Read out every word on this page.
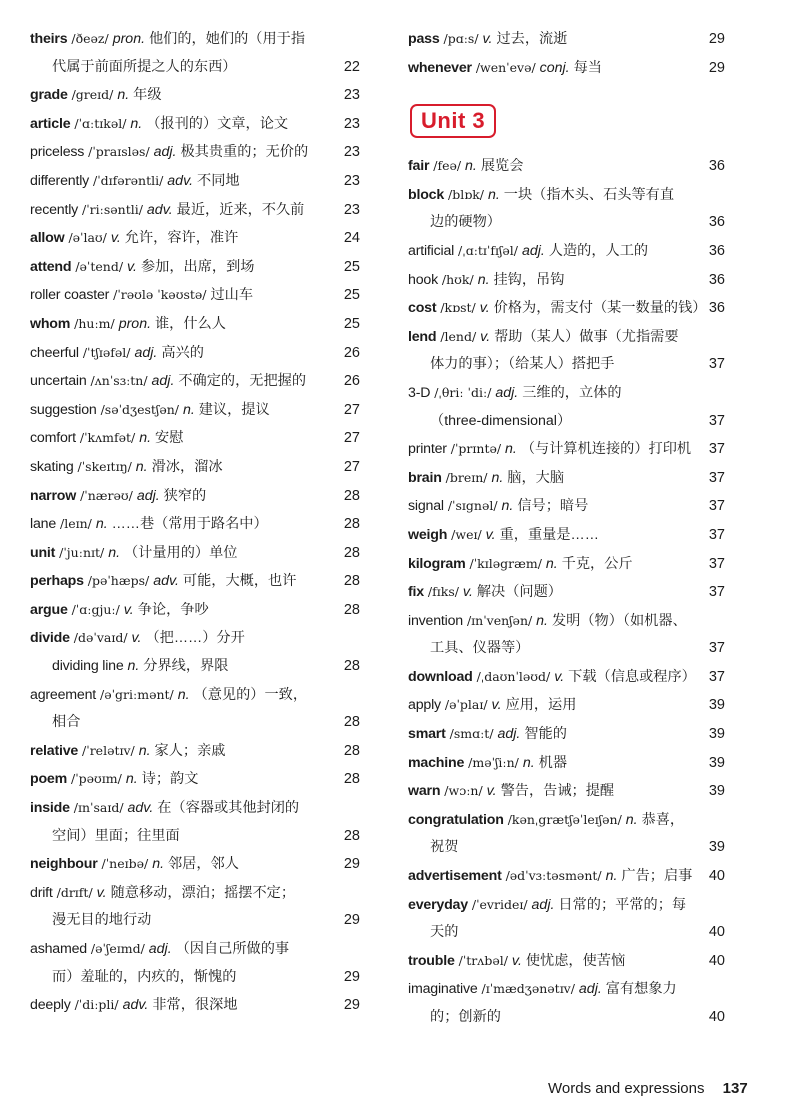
theirs /ðeəz/ pron. 他们的，她们的（用于指
代属于前面所提之人的东西）	22
grade /greɪd/ n. 年级	23
article /ˈɑːtɪkəl/ n. （报刊的）文章，论文	23
priceless /ˈpraɪsləs/ adj. 极其贵重的；无价的	23
differently /ˈdɪfərəntli/ adv. 不同地	23
recently /ˈriːsəntli/ adv. 最近，近来，不久前	23
allow /əˈlaʊ/ v. 允许，容许，准许	24
attend /əˈtend/ v. 参加，出席，到场	25
roller coaster /ˈrəʊlə ˈkəʊstə/ 过山车	25
whom /huːm/ pron. 谁，什么人	25
cheerful /ˈtʃɪəfəl/ adj. 高兴的	26
uncertain /ʌnˈsɜːtn/ adj. 不确定的，无把握的	26
suggestion /səˈdʒestʃən/ n. 建议，提议	27
comfort /ˈkʌmfət/ n. 安慰	27
skating /ˈskeɪtɪŋ/ n. 滑冰，溜冰	27
narrow /ˈnærəʊ/ adj. 狭窄的	28
lane /leɪn/ n. ……巷（常用于路名中）	28
unit /ˈjuːnɪt/ n. （计量用的）单位	28
perhaps /pəˈhæps/ adv. 可能，大概，也许	28
argue /ˈɑːgjuː/ v. 争论，争吵	28
divide /dəˈvaɪd/ v. （把……）分开
dividing line n. 分界线，界限	28
agreement /əˈgriːmənt/ n. （意见的）一致，
相合	28
relative /ˈrelətɪv/ n. 家人；亲戚	28
poem /ˈpəʊɪm/ n. 诗；韵文	28
inside /ɪnˈsaɪd/ adv. 在（容器或其他封闭的
空间）里面；往里面	28
neighbour /ˈneɪbə/ n. 邻居，邻人	29
drift /drɪft/ v. 随意移动，漂泊；摇摆不定；
漫无目的地行动	29
ashamed /əˈʃeɪmd/ adj. （因自己所做的事
而）羞耻的，内疚的，惭愧的	29
deeply /ˈdiːpli/ adv. 非常，很深地	29
pass /pɑːs/ v. 过去，流逝	29
whenever /wenˈevə/ conj. 每当	29
Unit 3
fair /feə/ n. 展览会	36
block /blɒk/ n. 一块（指木头、石头等有直
边的硬物）	36
artificial /ˌɑːtɪˈfɪʃəl/ adj. 人造的，人工的	36
hook /hʊk/ n. 挂钩，吊钩	36
cost /kɒst/ v. 价格为，需支付（某一数量的钱） 36
lend /lend/ v. 帮助（某人）做事（尤指需要
体力的事）；（给某人）搭把手	37
3-D /ˌθriː ˈdiː/ adj. 三维的，立体的
（three-dimensional）	37
printer /ˈprɪntə/ n. （与计算机连接的）打印机	37
brain /breɪn/ n. 脑，大脑	37
signal /ˈsɪgnəl/ n. 信号；暗号	37
weigh /weɪ/ v. 重，重量是……	37
kilogram /ˈkɪləgræm/ n. 千克，公斤	37
fix /fɪks/ v. 解决（问题）	37
invention /ɪnˈvenʃən/ n. 发明（物）（如机器、
工具、仪器等）	37
download /ˌdaʊnˈləʊd/ v. 下载（信息或程序） 37
apply /əˈplaɪ/ v. 应用，运用	39
smart /smɑːt/ adj. 智能的	39
machine /məˈʃiːn/ n. 机器	39
warn /wɔːn/ v. 警告，告诫；提醒	39
congratulation /kənˌgrætʃəˈleɪʃən/ n. 恭喜，
祝贺	39
advertisement /ədˈvɜːtəsmənt/ n. 广告；启事	40
everyday /ˈevrideɪ/ adj. 日常的；平常的；每
天的	40
trouble /ˈtrʌbəl/ v. 使忧虑，使苦恼	40
imaginative /ɪˈmædʒənətɪv/ adj. 富有想象力
的；创新的	40
Words and expressions 137
